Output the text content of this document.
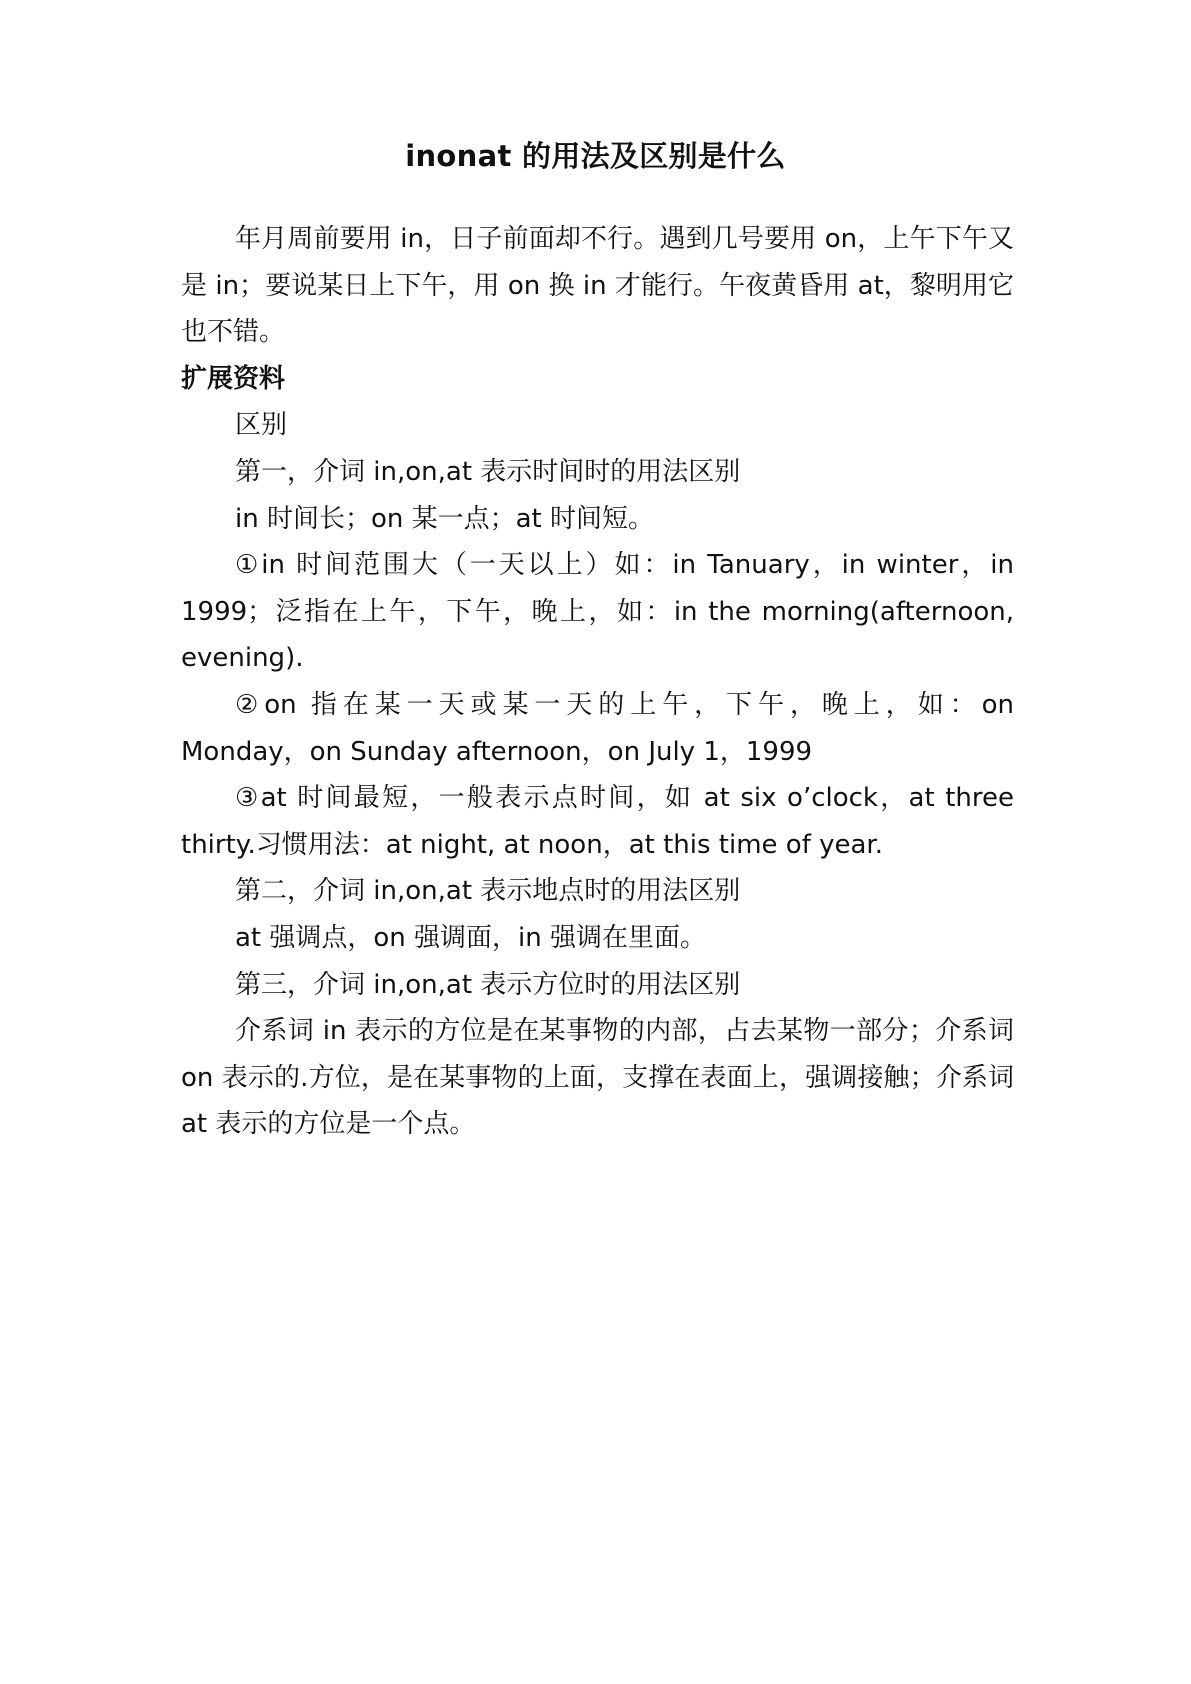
inonat 的用法及区别是什么

年月周前要用 in，日子前面却不行。遇到几号要用 on，上午下午又是 in；要说某日上下午，用 on 换 in 才能行。午夜黄昏用 at，黎明用它也不错。

扩展资料

区别

第一，介词 in,on,at 表示时间时的用法区别

in 时间长；on 某一点；at 时间短。

①in 时间范围大（一天以上）如：in Tanuary，in winter，in 1999；泛指在上午，下午，晚上，如：in the morning(afternoon, evening).

②on 指在某一天或某一天的上午，下午，晚上，如：on Monday，on Sunday afternoon，on July 1，1999

③at 时间最短，一般表示点时间，如 at six o’clock，at three thirty.习惯用法：at night, at noon，at this time of year.

第二，介词 in,on,at 表示地点时的用法区别

at 强调点，on 强调面，in 强调在里面。

第三，介词 in,on,at 表示方位时的用法区别

介系词 in 表示的方位是在某事物的内部，占去某物一部分；介系词 on 表示的.方位，是在某事物的上面，支撑在表面上，强调接触；介系词 at 表示的方位是一个点。
